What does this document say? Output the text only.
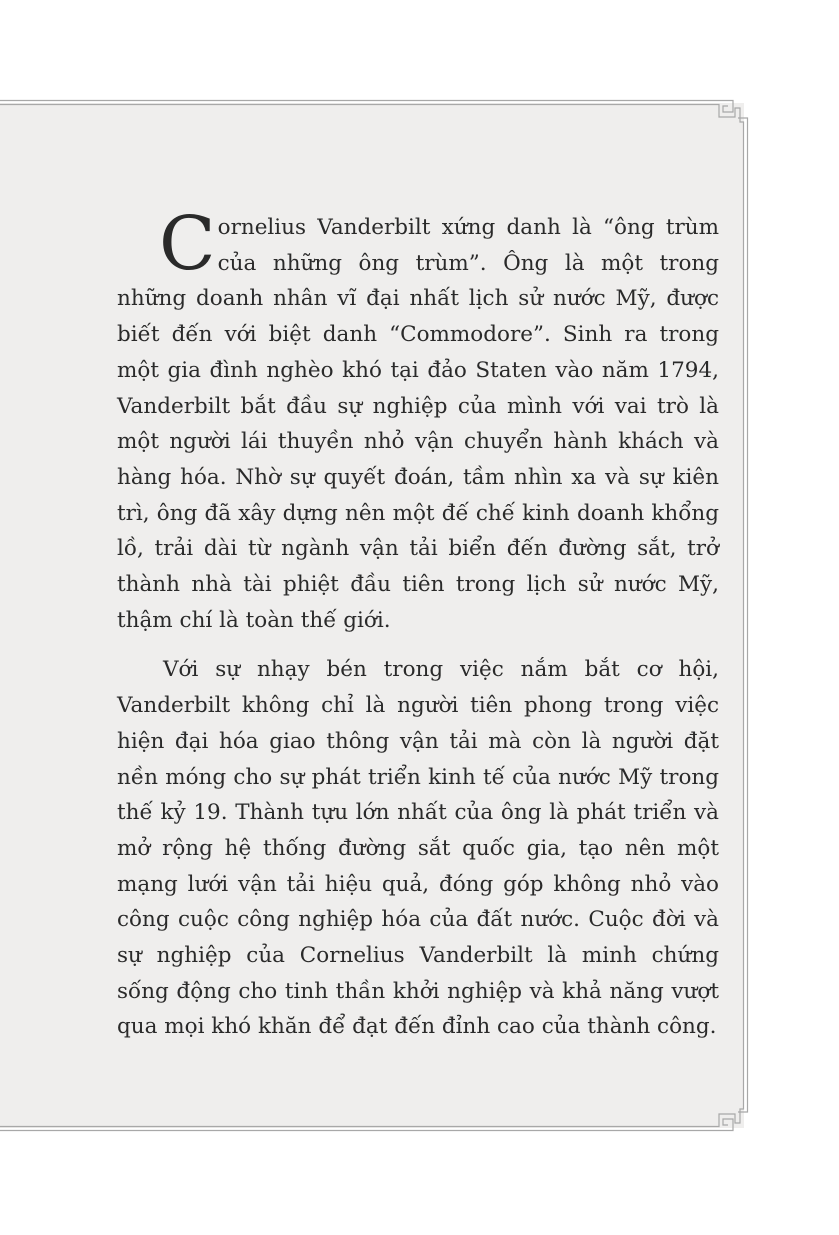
Cornelius Vanderbilt xứng danh là “ông trùm của những ông trùm”. Ông là một trong những doanh nhân vĩ đại nhất lịch sử nước Mỹ, được biết đến với biệt danh “Commodore”. Sinh ra trong một gia đình nghèo khó tại đảo Staten vào năm 1794, Vanderbilt bắt đầu sự nghiệp của mình với vai trò là một người lái thuyền nhỏ vận chuyển hành khách và hàng hóa. Nhờ sự quyết đoán, tầm nhìn xa và sự kiên trì, ông đã xây dựng nên một đế chế kinh doanh khổng lồ, trải dài từ ngành vận tải biển đến đường sắt, trở thành nhà tài phiệt đầu tiên trong lịch sử nước Mỹ, thậm chí là toàn thế giới.

Với sự nhạy bén trong việc nắm bắt cơ hội, Vanderbilt không chỉ là người tiên phong trong việc hiện đại hóa giao thông vận tải mà còn là người đặt nền móng cho sự phát triển kinh tế của nước Mỹ trong thế kỷ 19. Thành tựu lớn nhất của ông là phát triển và mở rộng hệ thống đường sắt quốc gia, tạo nên một mạng lưới vận tải hiệu quả, đóng góp không nhỏ vào công cuộc công nghiệp hóa của đất nước. Cuộc đời và sự nghiệp của Cornelius Vanderbilt là minh chứng sống động cho tinh thần khởi nghiệp và khả năng vượt qua mọi khó khăn để đạt đến đỉnh cao của thành công.
